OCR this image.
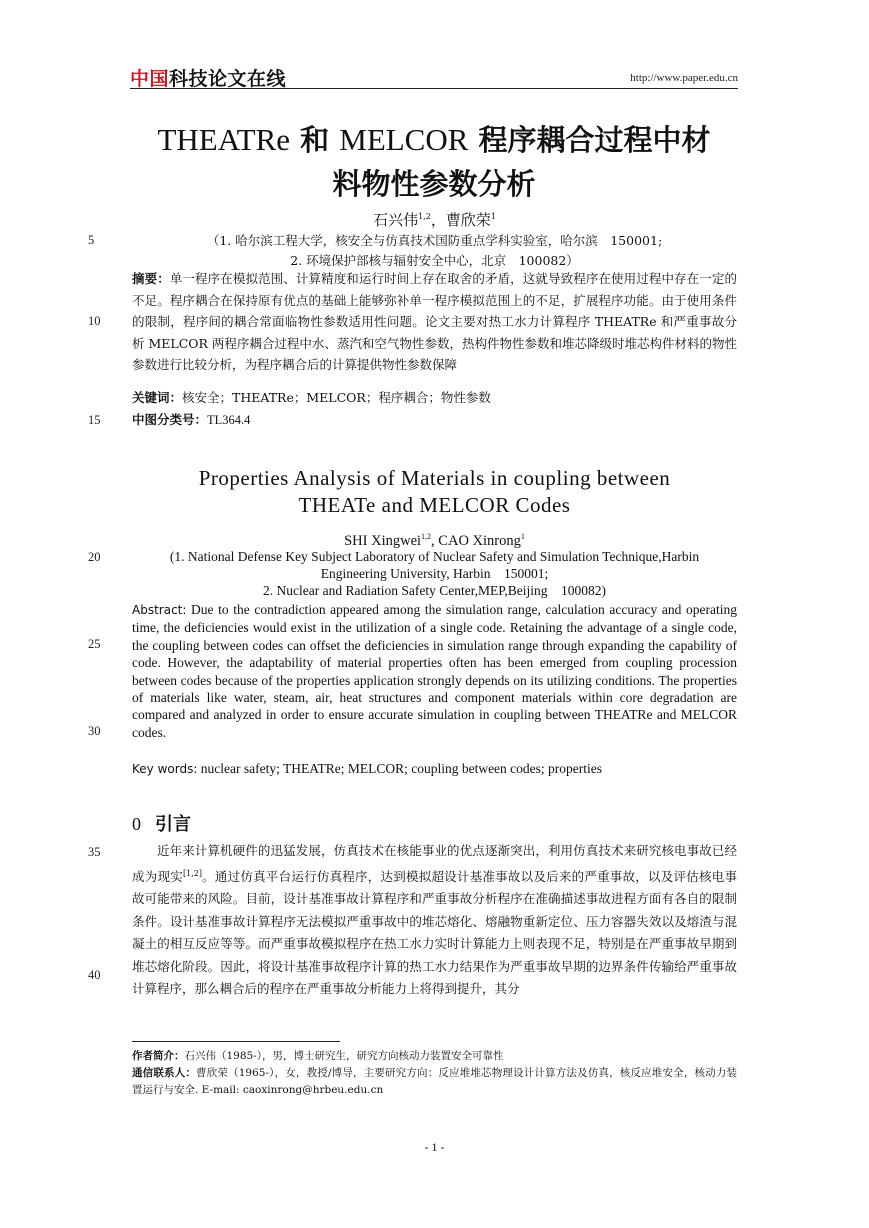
中国科技论文在线	http://www.paper.edu.cn
THEATRe 和 MELCOR 程序耦合过程中材
料物性参数分析
石兴伟$^{1,2}$，曹欣荣$^1$
（1. 哈尔滨工程大学，核安全与仿真技术国防重点学科实验室，哈尔滨　150001;
2. 环境保护部核与辐射安全中心，北京　100082）
摘要：单一程序在模拟范围、计算精度和运行时间上存在取舍的矛盾，这就导致程序在使用过程中存在一定的不足。程序耦合在保持原有优点的基础上能够弥补单一程序模拟范围上的不足，扩展程序功能。由于使用条件的限制，程序间的耦合常面临物性参数适用性问题。论文主要对热工水力计算程序 THEATRe 和严重事故分析 MELCOR 两程序耦合过程中水、蒸汽和空气物性参数，热构件物性参数和堆芯降级时堆芯构件材料的物性参数进行比较分析，为程序耦合后的计算提供物性参数保障
关键词：核安全；THEATRe；MELCOR；程序耦合；物性参数
中图分类号：TL364.4
Properties Analysis of Materials in coupling between
THEATe and MELCOR Codes
SHI Xingwei$^{1,2}$, CAO Xinrong$^1$
(1. National Defense Key Subject Laboratory of Nuclear Safety and Simulation Technique,Harbin
Engineering University, Harbin　150001;
2. Nuclear and Radiation Safety Center,MEP,Beijing　100082)
Abstract: Due to the contradiction appeared among the simulation range, calculation accuracy and operating time, the deficiencies would exist in the utilization of a single code. Retaining the advantage of a single code, the coupling between codes can offset the deficiencies in simulation range through expanding the capability of code. However, the adaptability of material properties often has been emerged from coupling procession between codes because of the properties application strongly depends on its utilizing conditions. The properties of materials like water, steam, air, heat structures and component materials within core degradation are compared and analyzed in order to ensure accurate simulation in coupling between THEATRe and MELCOR codes.
Key words: nuclear safety; THEATRe; MELCOR; coupling between codes; properties
0 引言
近年来计算机硬件的迅猛发展，仿真技术在核能事业的优点逐渐突出，利用仿真技术来研究核电事故已经成为现实[1,2]。通过仿真平台运行仿真程序，达到模拟超设计基准事故以及后来的严重事故，以及评估核电事故可能带来的风险。目前，设计基准事故计算程序和严重事故分析程序在准确描述事故进程方面有各自的限制条件。设计基准事故计算程序无法模拟严重事故中的堆芯熔化、熔融物重新定位、压力容器失效以及熔渣与混凝土的相互反应等等。而严重事故模拟程序在热工水力实时计算能力上则表现不足，特别是在严重事故早期到堆芯熔化阶段。因此，将设计基准事故程序计算的热工水力结果作为严重事故早期的边界条件传输给严重事故计算程序，那么耦合后的程序在严重事故分析能力上将得到提升，其分
作者简介：石兴伟（1985-），男，博士研究生，研究方向核动力装置安全可靠性
通信联系人：曹欣荣（1965-），女，教授/博导，主要研究方向：反应堆堆芯物理设计计算方法及仿真，核反应堆安全，核动力装置运行与安全. E-mail: caoxinrong@hrbeu.edu.cn
5
10
15
20
25
30
35
40
- 1 -
